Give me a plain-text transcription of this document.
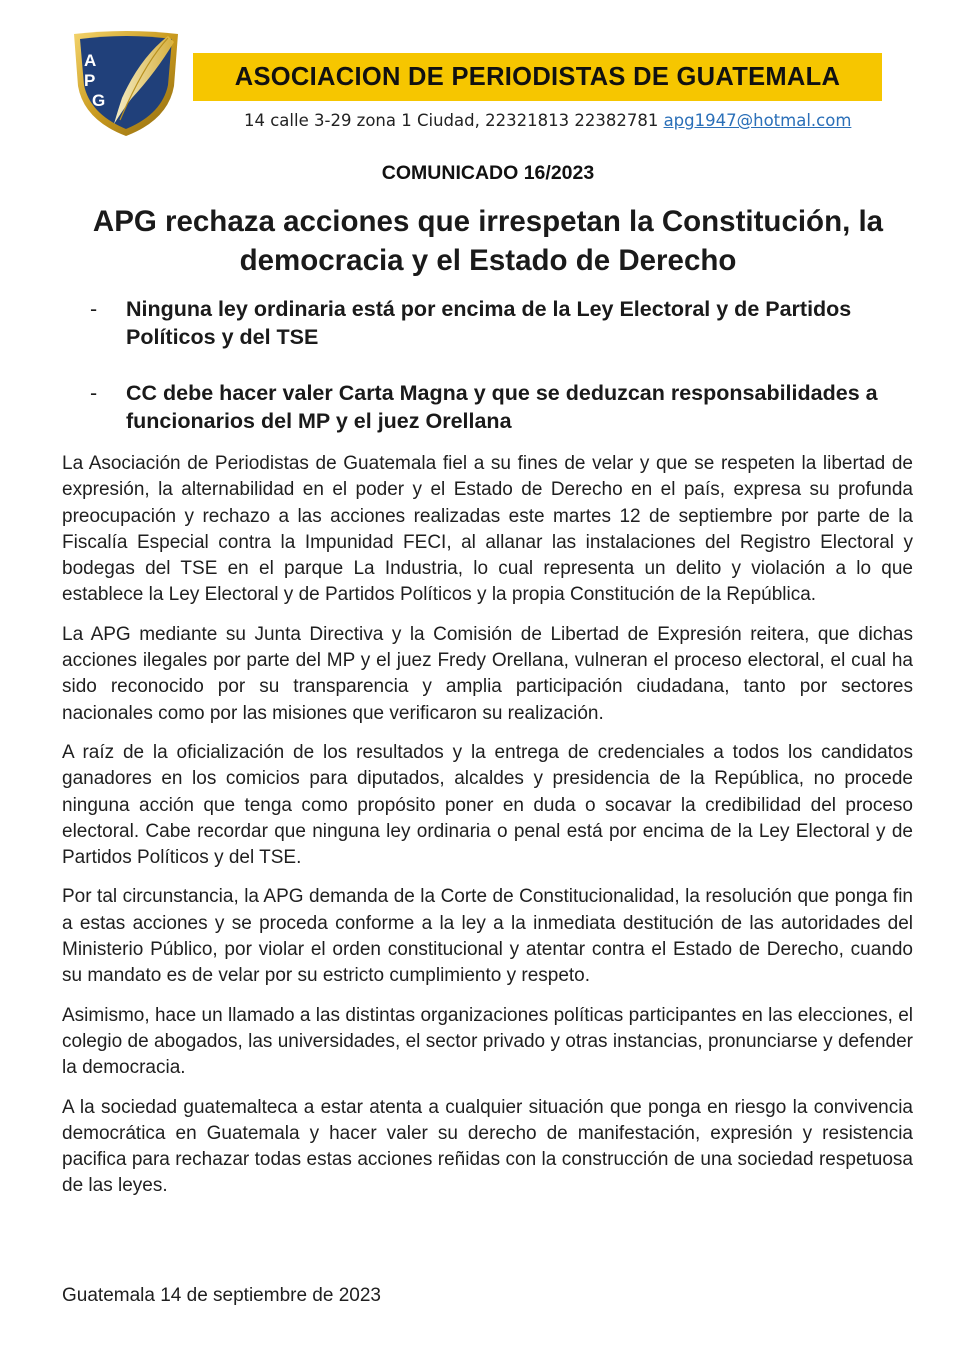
A
P
G
ASOCIACION DE PERIODISTAS DE GUATEMALA
14 calle 3-29 zona 1 Ciudad, 22321813 22382781 apg1947@hotmal.com
COMUNICADO 16/2023
APG rechaza acciones que irrespetan la Constitución, la democracia y el Estado de Derecho
-	Ninguna ley ordinaria está por encima de la Ley Electoral y de Partidos Políticos y del TSE
-	CC debe hacer valer Carta Magna y que se deduzcan responsabilidades a funcionarios del MP y el juez Orellana

La Asociación de Periodistas de Guatemala fiel a su fines de velar y que se respeten la libertad de expresión, la alternabilidad en el poder y el Estado de Derecho en el país, expresa su profunda preocupación y rechazo a las acciones realizadas este martes 12 de septiembre por parte de la Fiscalía Especial contra la Impunidad FECI, al allanar las instalaciones del Registro Electoral y bodegas del TSE en el parque La Industria, lo cual representa un delito y violación a lo que establece la Ley Electoral y de Partidos Políticos y la propia Constitución de la República.

La APG mediante su Junta Directiva y la Comisión de Libertad de Expresión reitera, que dichas acciones ilegales por parte del MP y el juez Fredy Orellana, vulneran el proceso electoral, el cual ha sido reconocido por su transparencia y amplia participación ciudadana, tanto por sectores nacionales como por las misiones que verificaron su realización.

A raíz de la oficialización de los resultados y la entrega de credenciales a todos los candidatos ganadores en los comicios para diputados, alcaldes y presidencia de la República, no procede ninguna acción que tenga como propósito poner en duda o socavar la credibilidad del proceso electoral. Cabe recordar que ninguna ley ordinaria o penal está por encima de la Ley Electoral y de Partidos Políticos y del TSE.

Por tal circunstancia, la APG demanda de la Corte de Constitucionalidad, la resolución que ponga fin a estas acciones y se proceda conforme a la ley a la inmediata destitución de las autoridades del Ministerio Público, por violar el orden constitucional y atentar contra el Estado de Derecho, cuando su mandato es de velar por su estricto cumplimiento y respeto.

Asimismo, hace un llamado a las distintas organizaciones políticas participantes en las elecciones, el colegio de abogados, las universidades, el sector privado y otras instancias, pronunciarse y defender la democracia.

A la sociedad guatemalteca a estar atenta a cualquier situación que ponga en riesgo la convivencia democrática en Guatemala y hacer valer su derecho de manifestación, expresión y resistencia pacifica para rechazar todas estas acciones reñidas con la construcción de una sociedad respetuosa de las leyes.

Guatemala 14 de septiembre de 2023
